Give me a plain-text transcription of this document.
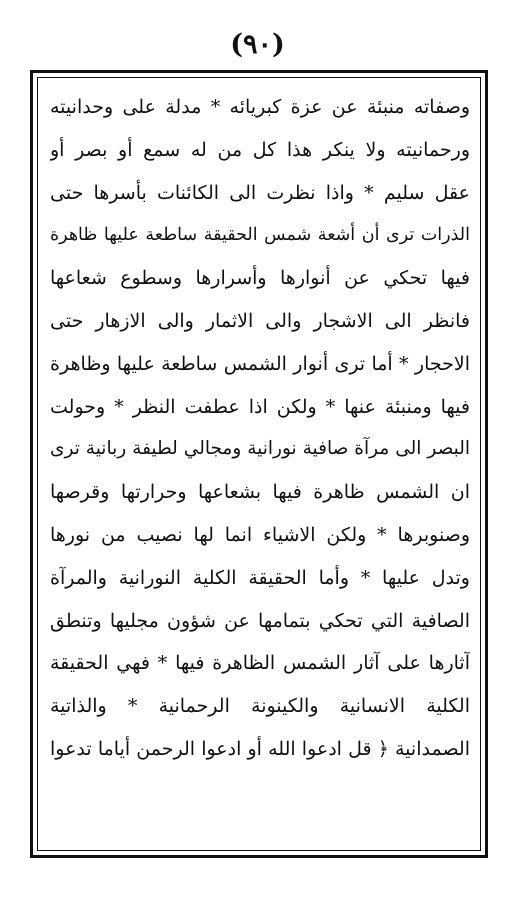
(٩٠)
وصفاته منبئة عن عزة كبريائه * مدلة على وحدانيته
ورحمانيته ولا ينكر هذا كل من له سمع أو بصر أو
عقل سليم * واذا نظرت الى الكائنات بأسرها حتى
الذرات ترى أن أشعة شمس الحقيقة ساطعة عليها ظاهرة
فيها تحكي عن أنوارها وأسرارها وسطوع شعاعها
فانظر الى الاشجار والى الاثمار والى الازهار حتى
الاحجار * أما ترى أنوار الشمس ساطعة عليها وظاهرة
فيها ومنبئة عنها * ولكن اذا عطفت النظر * وحولت
البصر الى مرآة صافية نورانية ومجالي لطيفة ربانية ترى
ان الشمس ظاهرة فيها بشعاعها وحرارتها وقرصها
وصنوبرها * ولكن الاشياء انما لها نصيب من نورها
وتدل عليها * وأما الحقيقة الكلية النورانية والمرآة
الصافية التي تحكي بتمامها عن شؤون مجليها وتنطق
آثارها على آثار الشمس الظاهرة فيها * فهي الحقيقة
الكلية الانسانية والكينونة الرحمانية * والذاتية
الصمدانية ﴿ قل ادعوا الله أو ادعوا الرحمن أياما تدعوا
